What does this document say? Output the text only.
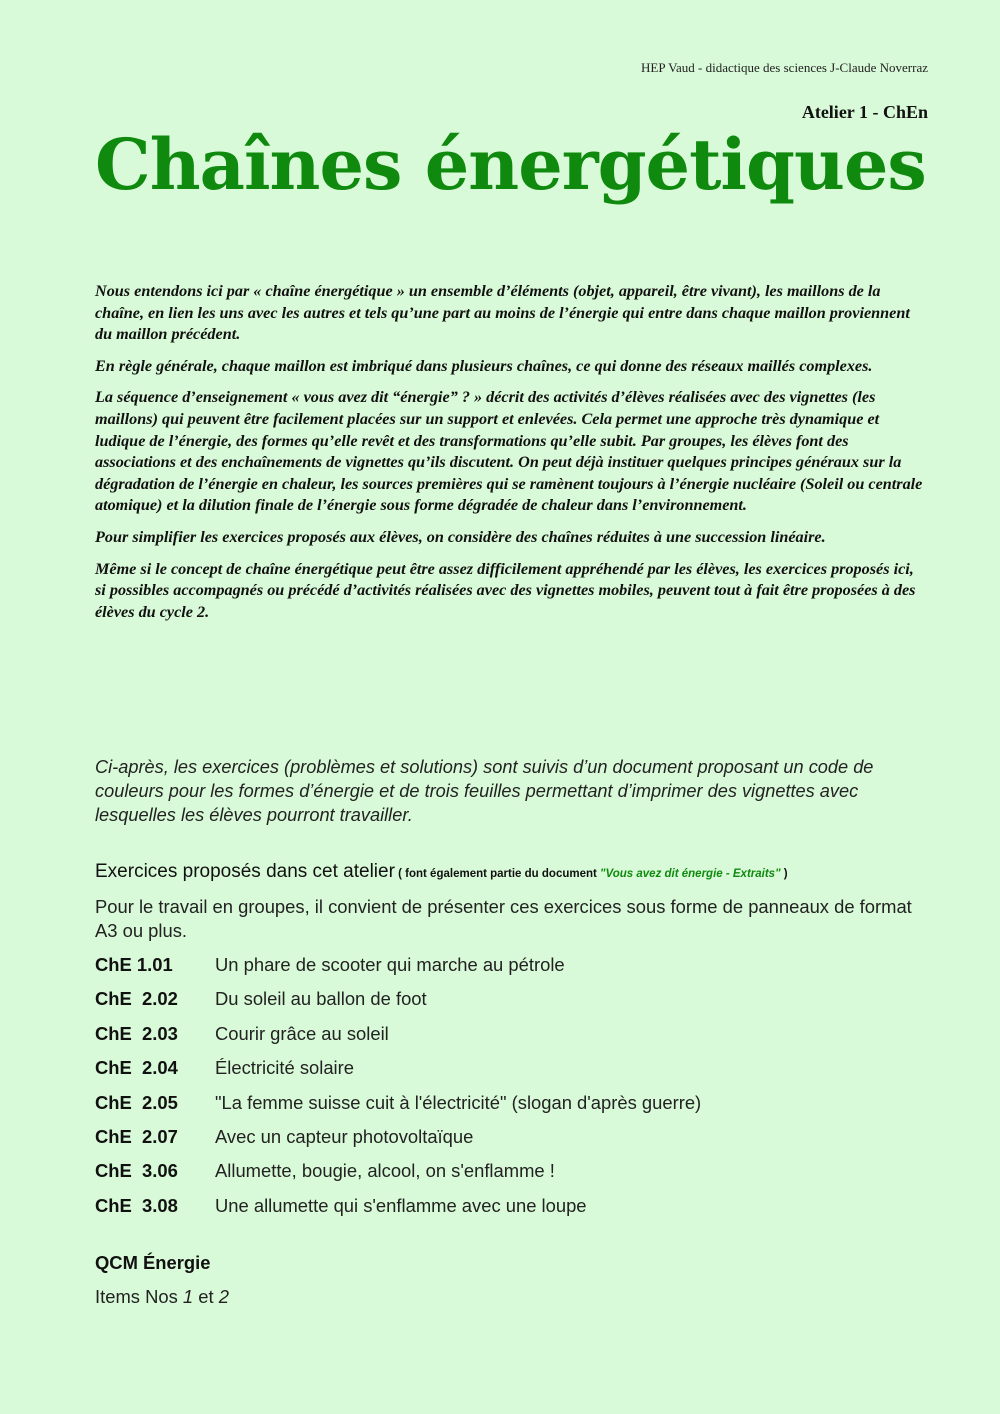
HEP Vaud - didactique des sciences J-Claude Noverraz
Atelier 1 - ChEn
Chaînes énergétiques

Nous entendons ici par « chaîne énergétique » un ensemble d’éléments (objet, appareil, être vivant), les maillons de la chaîne, en lien les uns avec les autres et tels qu’une part au moins de l’énergie qui entre dans chaque maillon proviennent du maillon précédent.

En règle générale, chaque maillon est imbriqué dans plusieurs chaînes, ce qui donne des réseaux maillés complexes.

La séquence d’enseignement « vous avez dit “énergie” ? » décrit des activités d’élèves réalisées avec des vignettes (les maillons) qui peuvent être facilement placées sur un support et enlevées. Cela permet une approche très dynamique et ludique de l’énergie, des formes qu’elle revêt et des transformations qu’elle subit. Par groupes, les élèves font des associations et des enchaînements de vignettes qu’ils discutent. On peut déjà instituer quelques principes généraux sur la dégradation de l’énergie en chaleur, les sources premières qui se ramènent toujours à l’énergie nucléaire (Soleil ou centrale atomique) et la dilution finale de l’énergie sous forme dégradée de chaleur dans l’environnement.

Pour simplifier les exercices proposés aux élèves, on considère des chaînes réduites à une succession linéaire.

Même si le concept de chaîne énergétique peut être assez difficilement appréhendé par les élèves, les exercices proposés ici, si possibles accompagnés ou précédé d’activités réalisées avec des vignettes mobiles, peuvent tout à fait être proposées à des élèves du cycle 2.

Ci-après, les exercices (problèmes et solutions) sont suivis d’un document proposant un code de couleurs pour les formes d’énergie et de trois feuilles permettant d’imprimer des vignettes avec lesquelles les élèves pourront travailler.

Exercices proposés dans cet atelier ( font également partie du document "Vous avez dit énergie - Extraits" )

Pour le travail en groupes, il convient de présenter ces exercices sous forme de panneaux de format A3 ou plus.

ChE 1.01	Un phare de scooter qui marche au pétrole
ChE  2.02	Du soleil au ballon de foot
ChE  2.03	Courir grâce au soleil
ChE  2.04	Électricité solaire
ChE  2.05	"La femme suisse cuit à l'électricité" (slogan d'après guerre)
ChE  2.07	Avec un capteur photovoltaïque
ChE  3.06	Allumette, bougie, alcool, on s'enflamme !
ChE  3.08	Une allumette qui s'enflamme avec une loupe
QCM Énergie
Items Nos 1 et 2
